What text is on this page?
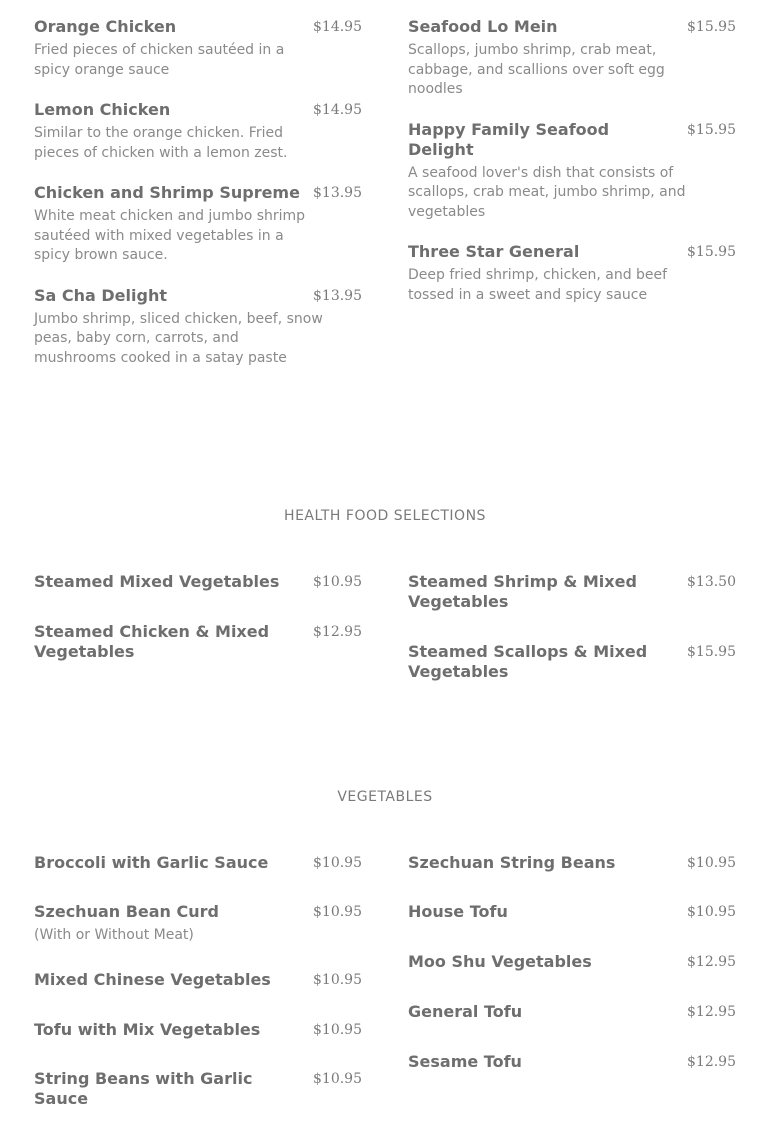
Orange Chicken	$14.95
Fried pieces of chicken sautéed in a spicy orange sauce
Lemon Chicken	$14.95
Similar to the orange chicken. Fried pieces of chicken with a lemon zest.
Chicken and Shrimp Supreme $13.95
White meat chicken and jumbo shrimp sautéed with mixed vegetables in a spicy brown sauce.
Sa Cha Delight	$13.95
Jumbo shrimp, sliced chicken, beef, snow peas, baby corn, carrots, and mushrooms cooked in a satay paste
Seafood Lo Mein	$15.95
Scallops, jumbo shrimp, crab meat, cabbage, and scallions over soft egg noodles
Happy Family Seafood Delight
$15.95
A seafood lover's dish that consists of scallops, crab meat, jumbo shrimp, and vegetables
Three Star General	$15.95
Deep fried shrimp, chicken, and beef tossed in a sweet and spicy sauce
HEALTH FOOD SELECTIONS
Steamed Mixed Vegetables $10.95
Steamed Chicken & Mixed Vegetables
$12.95
Steamed Shrimp & Mixed Vegetables
$13.50
Steamed Scallops & Mixed Vegetables
$15.95
VEGETABLES
Broccoli with Garlic Sauce	$10.95
Szechuan Bean Curd	$10.95
(With or Without Meat)
Mixed Chinese Vegetables	$10.95
Tofu with Mix Vegetables	$10.95
String Beans with Garlic Sauce
$10.95
Szechuan String Beans	$10.95
House Tofu	$10.95
Moo Shu Vegetables	$12.95
General Tofu	$12.95
Sesame Tofu	$12.95
